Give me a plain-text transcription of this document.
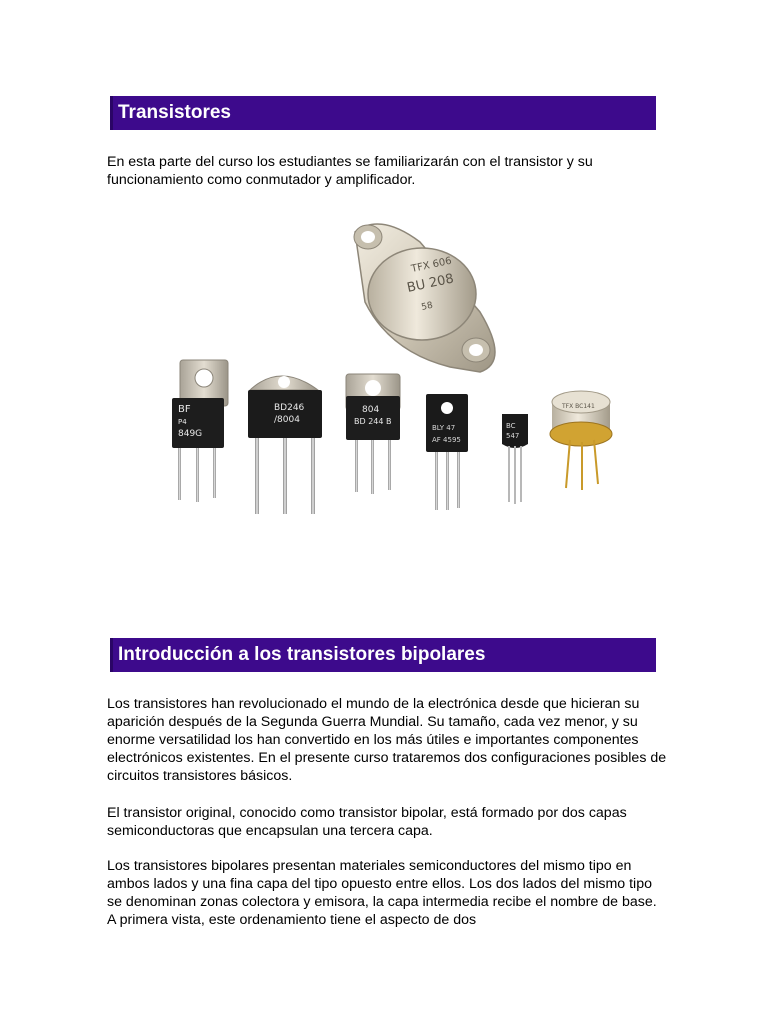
Transistores

En esta parte del curso los estudiantes se familiarizarán con el transistor y su funcionamiento como conmutador y amplificador.

TFX 606
BU 208
58
BF
P4
849G
BD246
/8004
804
BD 244 B
BLY 47
AF 4595
BC
547
TFX BC141
Introducción a los transistores bipolares

Los transistores han revolucionado el mundo de la electrónica desde que hicieran su aparición después de la Segunda Guerra Mundial. Su tamaño, cada vez menor, y su enorme versatilidad los han convertido en los más útiles e importantes componentes electrónicos existentes. En el presente curso trataremos dos configuraciones posibles de circuitos transistores básicos.

El transistor original, conocido como transistor bipolar, está formado por dos capas semiconductoras que encapsulan una tercera capa.

Los transistores bipolares presentan materiales semiconductores del mismo tipo en ambos lados y una fina capa del tipo opuesto entre ellos. Los dos lados del mismo tipo se denominan zonas colectora y emisora, la capa intermedia recibe el nombre de base. A primera vista, este ordenamiento tiene el aspecto de dos
